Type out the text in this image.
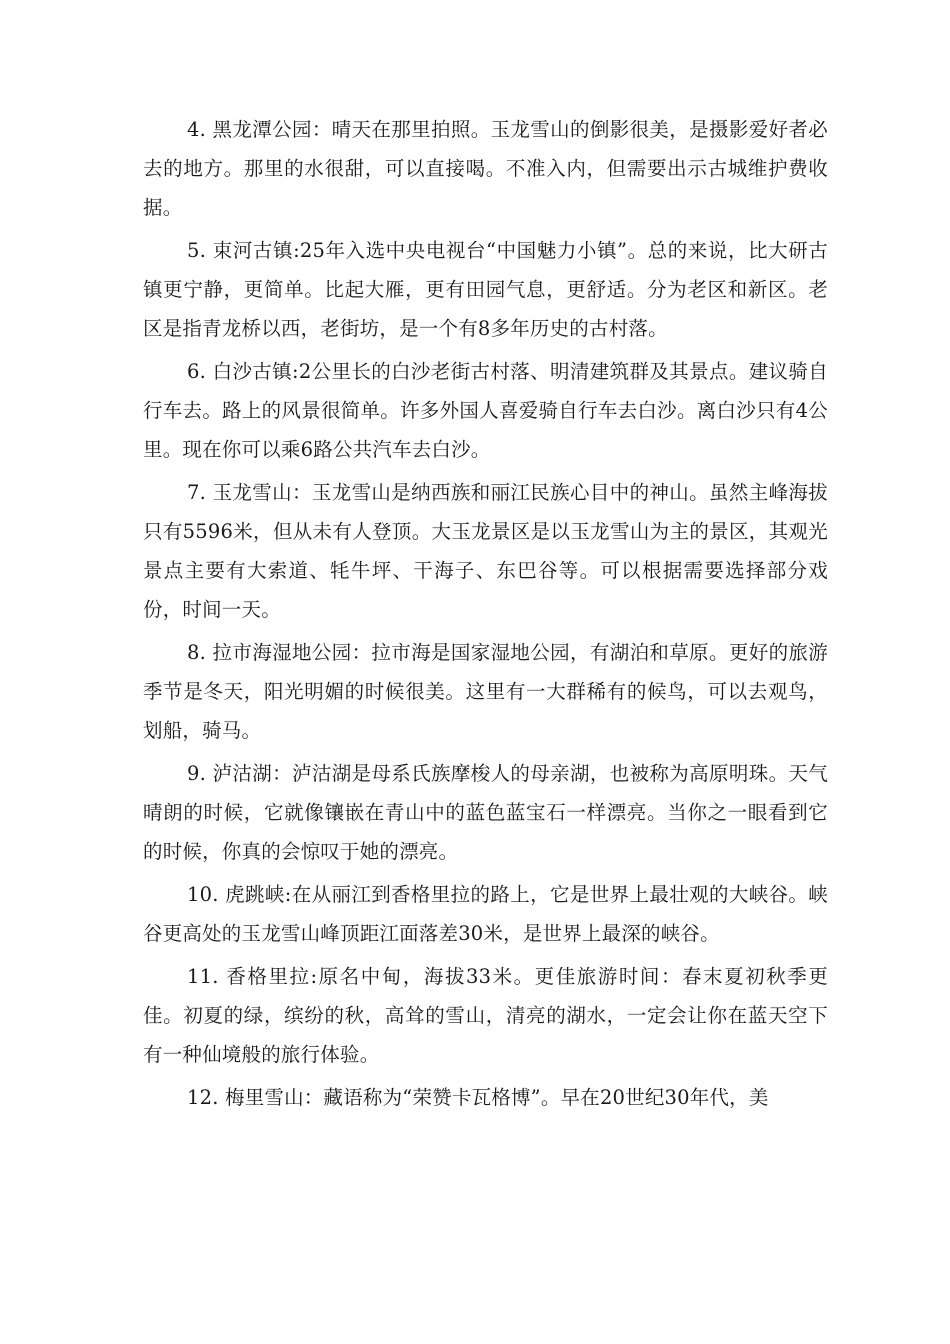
4. 黑龙潭公园：晴天在那里拍照。玉龙雪山的倒影很美，是摄影爱好者必去的地方。那里的水很甜，可以直接喝。不准入内，但需要出示古城维护费收据。

5. 束河古镇:25年入选中央电视台“中国魅力小镇”。总的来说，比大研古镇更宁静，更简单。比起大雁，更有田园气息，更舒适。分为老区和新区。老区是指青龙桥以西，老街坊，是一个有8多年历史的古村落。

6. 白沙古镇:2公里长的白沙老街古村落、明清建筑群及其景点。建议骑自行车去。路上的风景很简单。许多外国人喜爱骑自行车去白沙。离白沙只有4公里。现在你可以乘6路公共汽车去白沙。

7. 玉龙雪山：玉龙雪山是纳西族和丽江民族心目中的神山。虽然主峰海拔只有5596米，但从未有人登顶。大玉龙景区是以玉龙雪山为主的景区，其观光景点主要有大索道、牦牛坪、干海子、东巴谷等。可以根据需要选择部分戏份，时间一天。

8. 拉市海湿地公园：拉市海是国家湿地公园，有湖泊和草原。更好的旅游季节是冬天，阳光明媚的时候很美。这里有一大群稀有的候鸟，可以去观鸟，划船，骑马。

9. 泸沽湖：泸沽湖是母系氏族摩梭人的母亲湖，也被称为高原明珠。天气晴朗的时候，它就像镶嵌在青山中的蓝色蓝宝石一样漂亮。当你之一眼看到它的时候，你真的会惊叹于她的漂亮。

10. 虎跳峡:在从丽江到香格里拉的路上，它是世界上最壮观的大峡谷。峡谷更高处的玉龙雪山峰顶距江面落差30米，是世界上最深的峡谷。

11. 香格里拉:原名中甸，海拔33米。更佳旅游时间：春末夏初秋季更佳。初夏的绿，缤纷的秋，高耸的雪山，清亮的湖水，一定会让你在蓝天空下有一种仙境般的旅行体验。

12. 梅里雪山：藏语称为“荣赞卡瓦格博”。早在20世纪30年代，美
